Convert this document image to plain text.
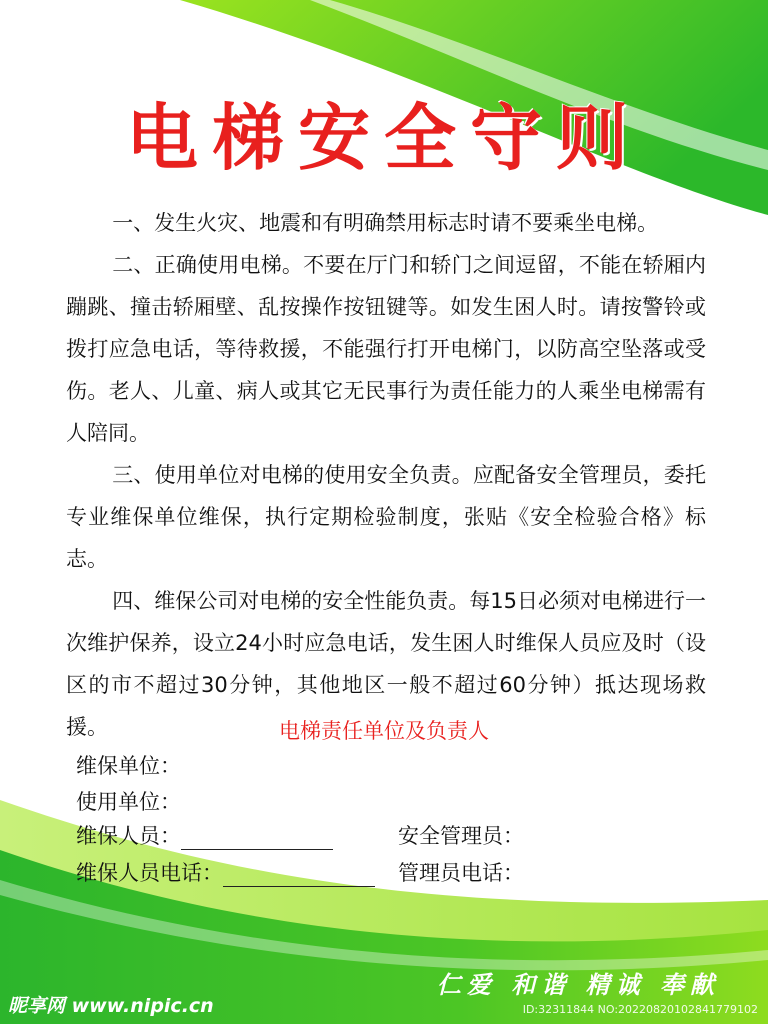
电梯安全守则

一、发生火灾、地震和有明确禁用标志时请不要乘坐电梯。

二、正确使用电梯。不要在厅门和轿门之间逗留，不能在轿厢内蹦跳、撞击轿厢壁、乱按操作按钮键等。如发生困人时。请按警铃或拨打应急电话，等待救援，不能强行打开电梯门，以防高空坠落或受伤。老人、儿童、病人或其它无民事行为责任能力的人乘坐电梯需有人陪同。

三、使用单位对电梯的使用安全负责。应配备安全管理员，委托专业维保单位维保，执行定期检验制度，张贴《安全检验合格》标志。

四、维保公司对电梯的安全性能负责。每15日必须对电梯进行一次维护保养，设立24小时应急电话，发生困人时维保人员应及时（设区的市不超过30分钟，其他地区一般不超过60分钟）抵达现场救援。	电梯责任单位及负责人
维保单位：
使用单位：
维保人员：	安全管理员：
维保人员电话：	管理员电话：
仁爱 和谐 精诚 奉献
昵享网 www.nipic.cn	ID:32311844 NO:20220820102841779102
